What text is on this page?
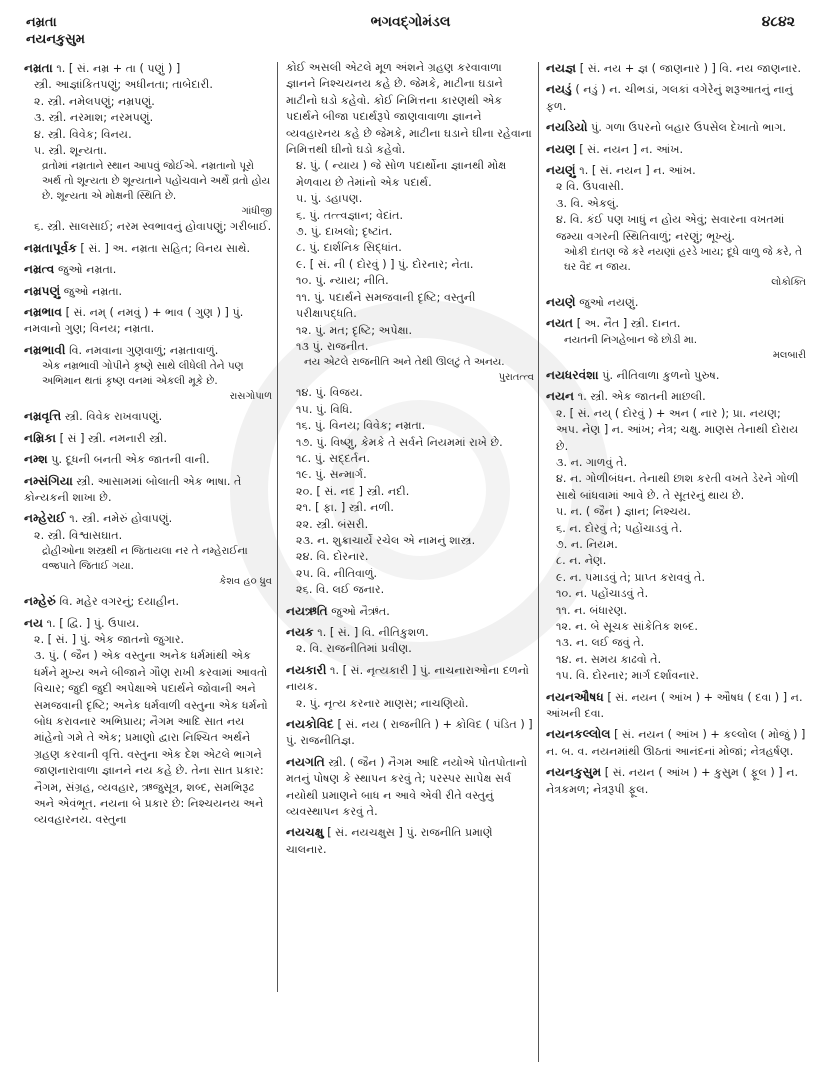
નમ્રતા
નયનકુસુમ
ભગવદ્ગોમંડલ	૪૮૪૨
નમ્રતા ૧. [ સં. નમ્ર + તા ( પણું ) ]
સ્ત્રી. આજ્ઞાંકિતપણું; અધીનતા; તાબેદારી.
૨. સ્ત્રી. નમેલપણું; નમ્રપણું.
૩. સ્ત્રી. નરમાશ; નરમપણું.
૪. સ્ત્રી. વિવેક; વિનય.
૫. સ્ત્રી. શૂન્યતા.
વ્રતોમાં નમ્રતાને સ્થાન આપવું જોઈએ. નમ્રતાનો પૂરો અર્થ તો શૂન્યતા છે શૂન્યતાને પહોંચવાને અર્થે વ્રતો હોય છે. શૂન્યતા એ મોક્ષની સ્થિતિ છે.
ગાંધીજી
૬. સ્ત્રી. સાલસાઈ; નરમ સ્વભાવનું હોવાપણું; ગરીબાઈ.
નમ્રતાપૂર્વક [ સં. ] અ. નમ્રતા સહિત; વિનય સાથે.
નમ્રત્વ જુઓ નમ્રતા.
નમ્રપણું જુઓ નમ્રતા.
નમ્રભાવ [ સં. નમ્ ( નમવું ) + ભાવ ( ગુણ ) ] પું. નમવાનો ગુણ; વિનય; નમ્રતા.
નમ્રભાવી વિ. નમવાના ગુણવાળું; નમ્રતાવાળું.
એક નમ્રભાવી ગોપીને કૃષ્ણે સાથે લીધેલી તેને પણ અભિમાન થતાં કૃષ્ણ વનમાં એકલી મૂકે છે.
રાસગોપાળ
નમ્રવૃત્તિ સ્ત્રી. વિવેક રાખવાપણું.
નમ્રિકા [ સં ] સ્ત્રી. નમનારી સ્ત્રી.
નમ્શ પુ. દૂધની બનતી એક જાતની વાની.
નમ્સંગિયા સ્ત્રી. આસામમાં બોલાતી એક ભાષા. તે કોન્યકની શાખા છે.
નમ્હેરાઈ ૧. સ્ત્રી. નમેરું હોવાપણું.
૨. સ્ત્રી. વિશ્વાસઘાત.
દ્રોહીઓના શસ્ત્રથી ન જિતાયલા નર તે નમ્હેરાઈના વજ્રપાતે જિતાઈ ગયા.
કેશવ હ૦ ધ્રુવ
નમ્હેરું વિ. મહેર વગરનું; દયાહીન.
નય ૧. [ દ્વિ. ] પું. ઉપાય.
૨. [ સં. ] પું. એક જાતનો જુગાર.
૩. પું. ( જૈન ) એક વસ્તુના અનેક ધર્મમાંથી એક ધર્મને મુખ્ય અને બીજાને ગૌણ રાખી કરવામાં આવતો વિચાર; જુદી જુદી અપેક્ષાએ પદાર્થને જોવાની અને સમજવાની દૃષ્ટિ; અનેક ધર્મવાળી વસ્તુના એક ધર્મનો બોધ કરાવનાર અભિપ્રાય; નૈગમ આદિ સાત નય માંહેનો ગમે તે એક; પ્રમાણો દ્વારા નિશ્ચિત અર્થને ગ્રહણ કરવાની વૃત્તિ. વસ્તુના એક દેશ એટલે ભાગને જાણનારાવાળા જ્ઞાનને નય કહે છે. તેના સાત પ્રકાર: નૈગમ, સંગ્રહ, વ્યવહાર, ઋજુસૂત્ર, શબ્દ, સમભિરૂઢ અને એવંભૂત. નયના બે પ્રકાર છે: નિશ્ચયનય અને વ્યવહારનય. વસ્તુના
કોઈ અસલી એટલે મૂળ અંશને ગ્રહણ કરવાવાળા જ્ઞાનને નિશ્ચયનય કહે છે. જેમકે, માટીના ઘડાને માટીનો ઘડો કહેવો. કોઈ નિમિત્તના કારણથી એક પદાર્થને બીજા પદાર્થરૂપે જાણવાવાળા જ્ઞાનને વ્યવહારનય કહે છે જેમકે, માટીના ઘડાને ઘીના રહેવાના નિમિત્તથી ઘીનો ઘડો કહેવો.
૪. પું. ( ન્યાય ) જે સોળ પદાર્થોના જ્ઞાનથી મોક્ષ મેળવાય છે તેમાંનો એક પદાર્થ.
૫. પું. ડહાપણ.
૬. પું. તત્ત્વજ્ઞાન; વેદાંત.
૭. પું. દાખલો; દૃષ્ટાંત.
૮. પું. દાર્શનિક સિદ્ધાંત.
૯. [ સં. ની ( દોરવું ) ] પું. દોરનાર; નેતા.
૧૦. પું. ન્યાય; નીતિ.
૧૧. પું. પદાર્થને સમજવાની દૃષ્ટિ; વસ્તુની પરીક્ષાપદ્ધતિ.
૧૨. પું. મત; દૃષ્ટિ; અપેક્ષા.
૧૩ પું. રાજનીત.
નય એટલે રાજનીતિ અને તેથી ઊલટું તે અનય.
પુરાતત્ત્વ
૧૪. પું. વિજય.
૧૫. પું. વિધિ.
૧૬. પું. વિનય; વિવેક; નમ્રતા.
૧૭. પું. વિષ્ણુ, કેમકે તે સર્વને નિયમમાં રાખે છે.
૧૮. પું. સદ્દર્તન.
૧૯. પું. સન્માર્ગ.
૨૦. [ સં. નદ ] સ્ત્રી. નદી.
૨૧. [ ફા. ] સ્ત્રી. નળી.
૨૨. સ્ત્રી. બંસરી.
૨૩. ન. શુક્રાચાર્યે રચેલ એ નામનું શાસ્ત્ર.
૨૪. વિ. દોરનાર.
૨૫. વિ. નીતિવાળું.
૨૬. વિ. લઈ જનાર.
નયઋતિ જુઓ નૈઋંત.
નયક ૧. [ સં. ] વિ. નીતિકુશળ.
૨. વિ. રાજનીતિમાં પ્રવીણ.
નયકારી ૧. [ સં. નૃત્યકારી ] પું. નાચનારાઓના દળનો નાયક.
૨. પું. નૃત્ય કરનાર માણસ; નાચણિયો.
નયકોવિદ [ સં. નય ( રાજનીતિ ) + કોવિદ ( પંડિત ) ] પું. રાજનીતિજ્ઞ.
નયગતિ સ્ત્રી. ( જૈન ) નૈગમ આદિ નયોએ પોતપોતાનો મતનું પોષણ કે સ્થાપન કરવું તે; પરસ્પર સાપેક્ષ સર્વ નયોથી પ્રમાણને બાધ ન આવે એવી રીતે વસ્તુનું વ્યવસ્થાપન કરવું તે.
નયચક્ષુ [ સં. નયચક્ષુસ ] પું. રાજનીતિ પ્રમાણે ચાલનાર.
નયજ્ઞ [ સં. નય + જ્ઞ ( જાણનાર ) ] વિ. નય જાણનાર.
નયડું ( નડું ) ન. ચીભડાં, ગલકાં વગેરેનું શરૂઆતનું નાનું ફળ.
નયડિયો પું. ગળા ઉપરનો બહાર ઉપસેલ દેખાતો ભાગ.
નયણ [ સં. નયન ] ન. આંખ.
નયણું ૧. [ સં. નયન ] ન. આંખ.
૨ વિ. ઉપવાસી.
૩. વિ. એકલું.
૪. વિ. કંઈ પણ ખાધું ન હોય એવું; સવારના વખતમાં જમ્યા વગરની સ્થિતિવાળું; નરણું; ભૂખ્યું.
ઓકી દાતણ જે કરે નયણાં હરડે ખાય; દૂધે વાળુ જે કરે, તે ઘર વૈદ ન જાય.
લોકોક્તિ
નયણે જુઓ નયણું.
નયત [ અ. નૈત ] સ્ત્રી. દાનત.
નયતની નિગહેબાન જે છોડી મા.
મલબારી
નયધરવંશા પું. નીતિવાળા કુળનો પુરુષ.
નયન ૧. સ્ત્રી. એક જાતની માછલી.
૨. [ સં. નય્ ( દોરવું ) + અન ( નાર ); પ્રા. નયણ; અપ. નેણ ] ન. આંખ; નેત્ર; ચક્ષુ. માણસ તેનાથી દોરાય છે.
૩. ન. ગાળવું તે.
૪. ન. ગોળીબંધન. તેનાથી છાશ કરતી વખતે ડેરને ગોળી સાથે બાંધવામાં આવે છે. તે સૂતરનું થાય છે.
૫. ન. ( જૈન ) જ્ઞાન; નિશ્ચય.
૬. ન. દોરવું તે; પહોંચાડવું તે.
૭. ન. નિયમ.
૮. ન. નેણ.
૯. ન. પમાડવું તે; પ્રાપ્ત કરાવવું તે.
૧૦. ન. પહોંચાડવું તે.
૧૧. ન. બંધારણ.
૧૨. ન. બે સૂચક સાંકેતિક શબ્દ.
૧૩. ન. લઈ જવું તે.
૧૪. ન. સમય કાઢવો તે.
૧૫. વિ. દોરનાર; માર્ગ દર્શાવનાર.
નયનઔષધ [ સં. નયન ( આંખ ) + ઔષધ ( દવા ) ] ન. આંખની દવા.
નયનકલ્લોલ [ સં. નયન ( આંખ ) + કલ્લોલ ( મોજું ) ] ન. બ. વ. નયનમાંથી ઊઠતાં આનંદનાં મોજાં; નેત્રહર્ષણ.
નયનકુસુમ [ સં. નયન ( આંખ ) + કુસુમ ( ફૂલ ) ] ન. નેત્રકમળ; નેત્રરૂપી ફૂલ.
